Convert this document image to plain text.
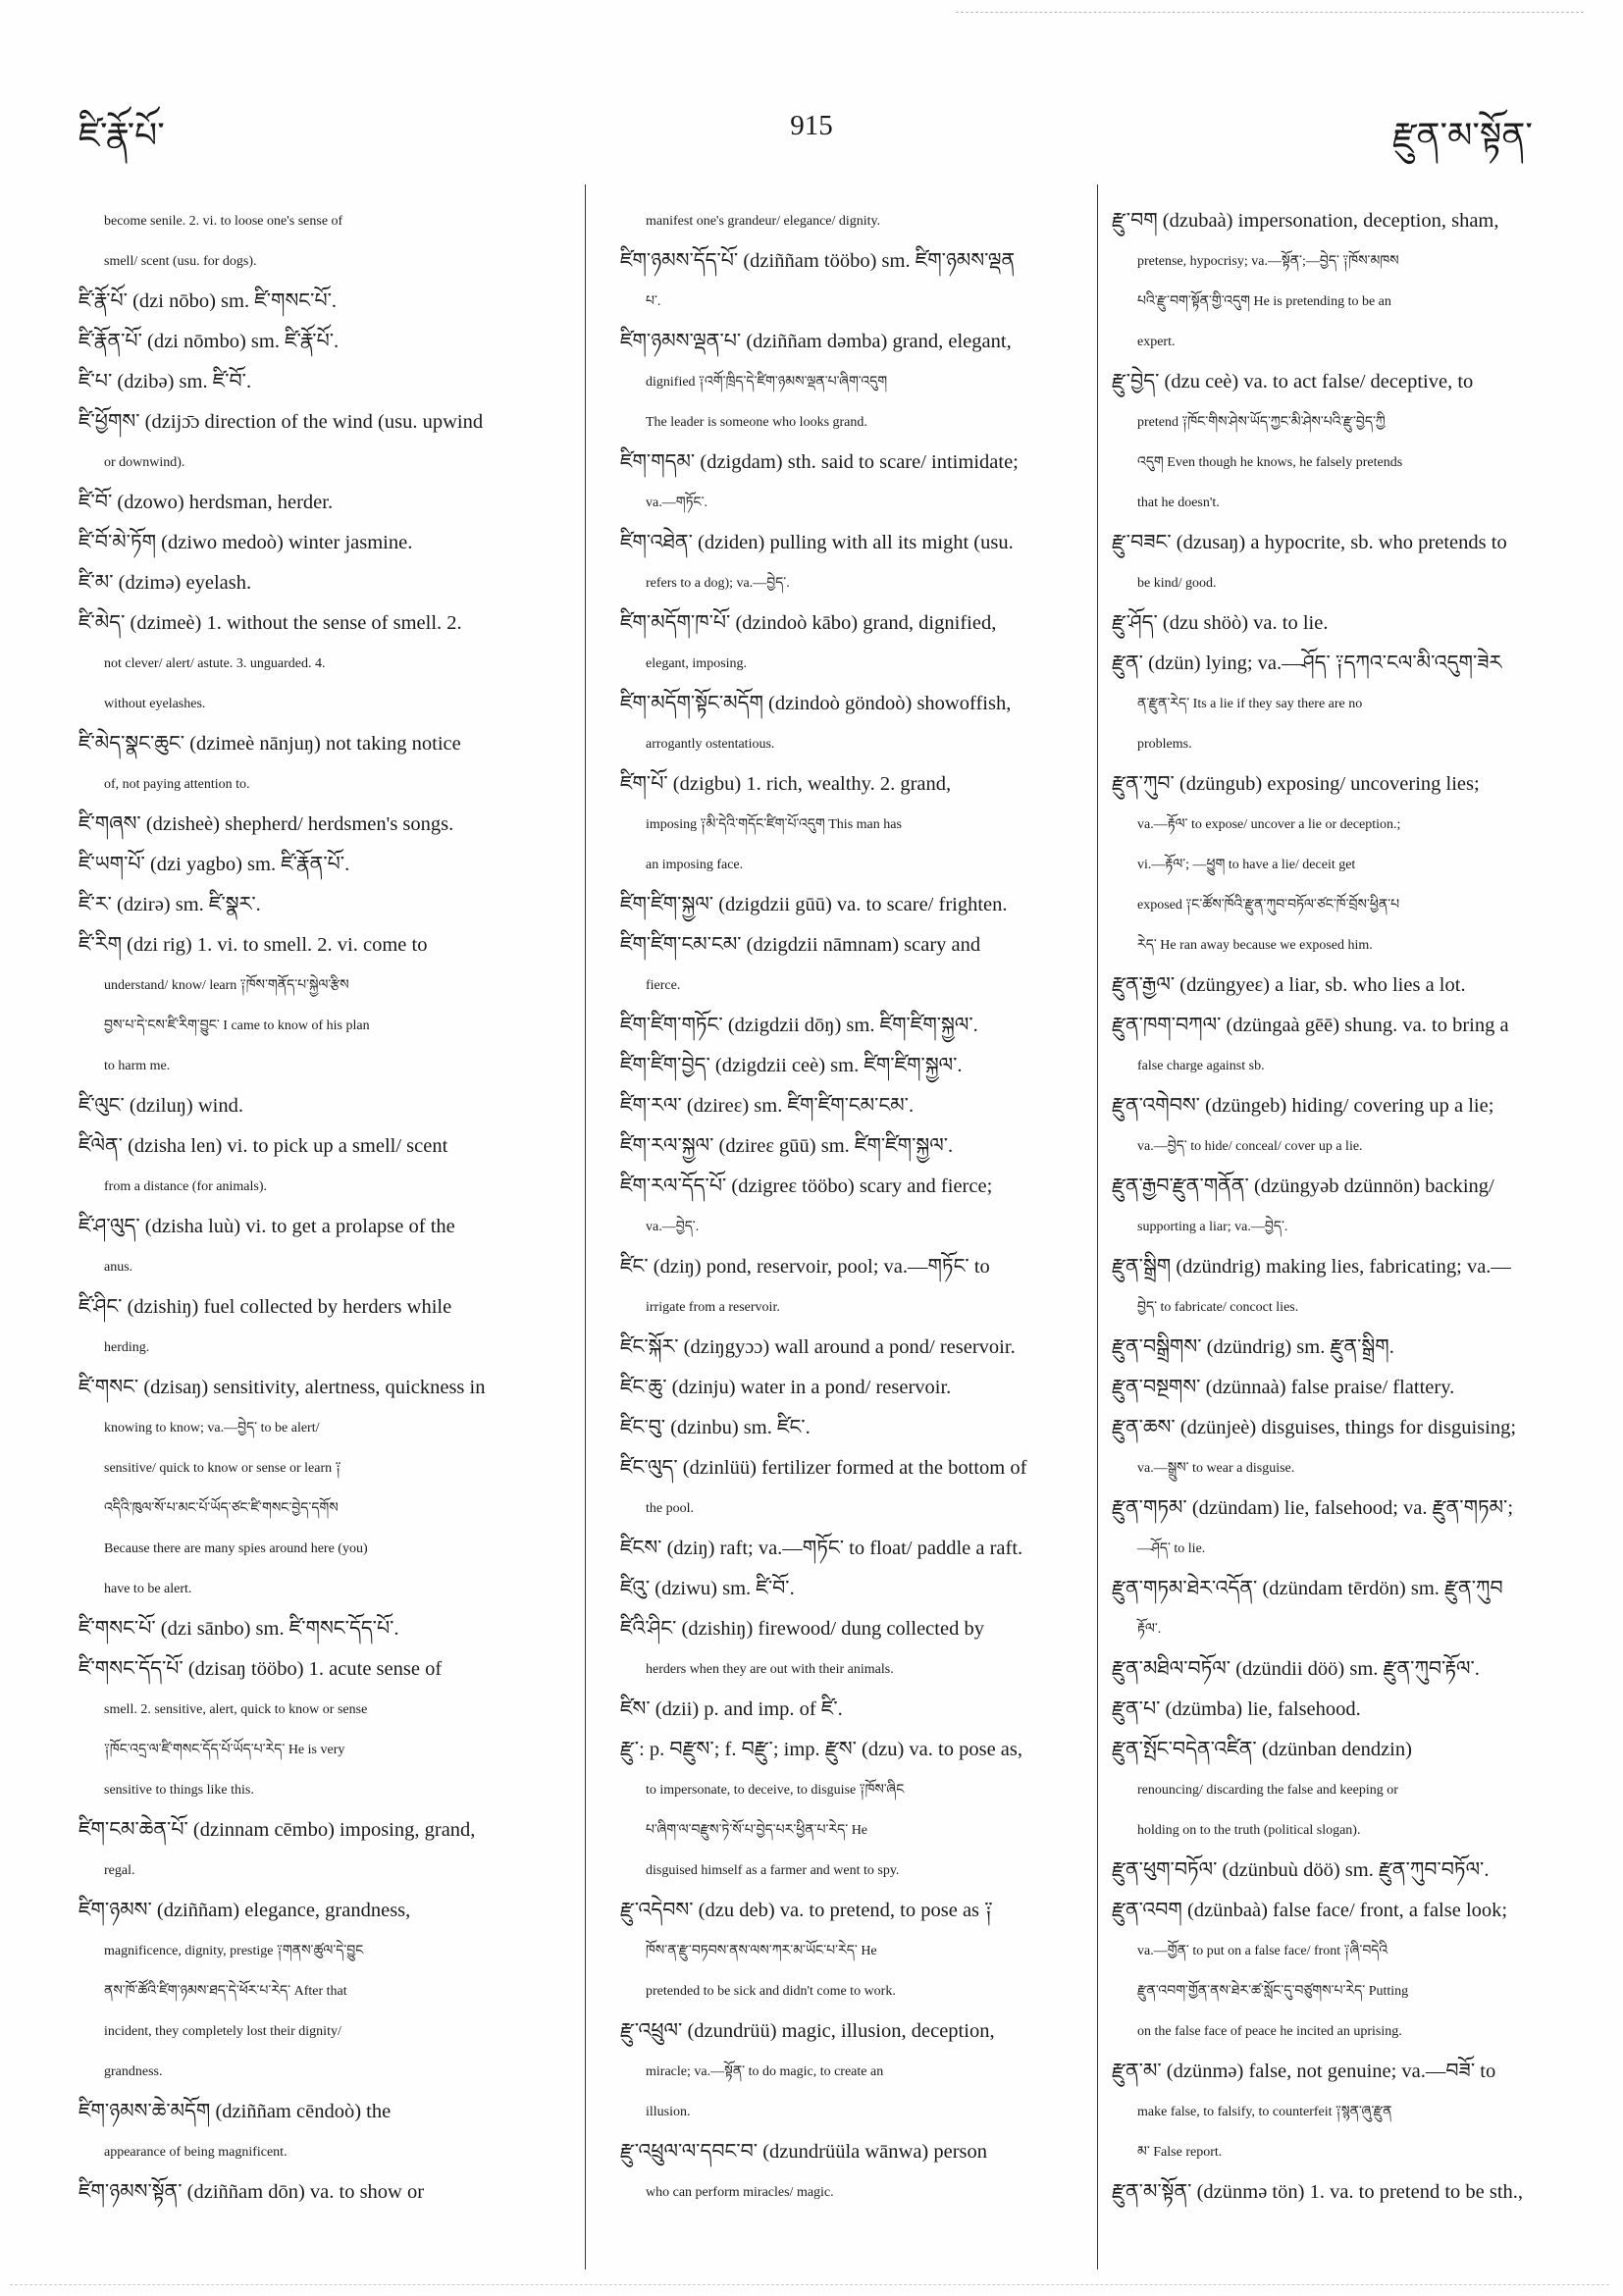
ཛི་རྣོ་པོ་	915	རྫུན་མ་སྟོན་
become senile. 2. vi. to loose one's sense of
smell/ scent (usu. for dogs).
ཛི་རྣོ་པོ་ (dzi nōbo) sm. ཛི་གསང་པོ་.
ཛི་རྣོན་པོ་ (dzi nōmbo) sm. ཛི་རྣོ་པོ་.
ཛི་པ་ (dzibə) sm. ཛི་བོ་.
ཛི་ཕྱོགས་ (dzijɔ̄ɔ direction of the wind (usu. upwind
or downwind).
ཛི་བོ་ (dzowo) herdsman, herder.
ཛི་བོ་མེ་ཏོག (dziwo medoò) winter jasmine.
ཛི་མ་ (dzimə) eyelash.
ཛི་མེད་ (dzimeè) 1. without the sense of smell. 2.
not clever/ alert/ astute. 3. unguarded. 4.
without eyelashes.
ཛི་མེད་སྣང་ཆུང་ (dzimeè nānjuŋ) not taking notice
of, not paying attention to.
ཛི་གཞས་ (dzisheè) shepherd/ herdsmen's songs.
ཛི་ཡག་པོ་ (dzi yagbo) sm. ཛི་རྣོན་པོ་.
ཛི་ར་ (dzirə) sm. ཛི་སྣར་.
ཛི་རིག (dzi rig) 1. vi. to smell. 2. vi. come to
understand/ know/ learn ༑ཁོས་གནོད་པ་སྐྱེལ་རྩིས
བྱས་པ་དེ་ངས་ཛི་རིག་བྱུང་ I came to know of his plan
to harm me.
ཛི་ལུང་ (dziluŋ) wind.
ཛིལེན་ (dzisha len) vi. to pick up a smell/ scent
from a distance (for animals).
ཛི་ཤ་ལུད་ (dzisha luù) vi. to get a prolapse of the
anus.
ཛི་ཤིང་ (dzishiŋ) fuel collected by herders while
herding.
ཛི་གསང་ (dzisaŋ) sensitivity, alertness, quickness in
knowing to know; va.—བྱེད་ to be alert/
sensitive/ quick to know or sense or learn ༑
འདིའི་ཁུལ་སོ་པ་མང་པོ་ཡོད་ཙང་ཛི་གསང་བྱེད་དགོས
Because there are many spies around here (you)
have to be alert.
ཛི་གསང་པོ་ (dzi sānbo) sm. ཛི་གསང་དོད་པོ་.
ཛི་གསང་དོད་པོ་ (dzisaŋ tööbo) 1. acute sense of
smell. 2. sensitive, alert, quick to know or sense
༑ཁོང་འདྲ་ལ་ཛི་གསང་དོད་པོ་ཡོད་པ་རེད་ He is very
sensitive to things like this.
ཛིག་ངམ་ཆེན་པོ་ (dzinnam cēmbo) imposing, grand,
regal.
ཛིག་ཉམས་ (dziññam) elegance, grandness,
magnificence, dignity, prestige ༑གནས་ཚུལ་དེ་བྱུང
ནས་ཁོ་ཚོའི་ཛིག་ཉམས་ཐད་དེ་ཕོར་པ་རེད་ After that
incident, they completely lost their dignity/
grandness.
ཛིག་ཉམས་ཆེ་མདོག (dziññam cēndoò) the
appearance of being magnificent.
ཛིག་ཉམས་སྟོན་ (dziññam dōn) va. to show or
manifest one's grandeur/ elegance/ dignity.
ཛིག་ཉམས་དོད་པོ་ (dziññam tööbo) sm. ཛིག་ཉམས་ལྡན
པ་.
ཛིག་ཉམས་ལྡན་པ་ (dziññam dəmba) grand, elegant,
dignified ༑འགོ་ཁྲིད་དེ་ཛིག་ཉམས་ལྡན་པ་ཞིག་འདུག
The leader is someone who looks grand.
ཛིག་གདམ་ (dzigdam) sth. said to scare/ intimidate;
va.—གཏོང་.
ཛིག་འཐེན་ (dziden) pulling with all its might (usu.
refers to a dog); va.—བྱེད་.
ཛིག་མདོག་ཁ་པོ་ (dzindoò kābo) grand, dignified,
elegant, imposing.
ཛིག་མདོག་སྟོང་མདོག (dzindoò göndoò) showoffish,
arrogantly ostentatious.
ཛིག་པོ་ (dzigbu) 1. rich, wealthy. 2. grand,
imposing ༑མི་དེའི་གདོང་ཛིག་པོ་འདུག This man has
an imposing face.
ཛིག་ཛིག་སྐྱལ་ (dzigdzii gūū) va. to scare/ frighten.
ཛིག་ཛིག་ངམ་ངམ་ (dzigdzii nāmnam) scary and
fierce.
ཛིག་ཛིག་གཏོང་ (dzigdzii dōŋ) sm. ཛིག་ཛིག་སྐྱལ་.
ཛིག་ཛིག་བྱེད་ (dzigdzii ceè) sm. ཛིག་ཛིག་སྐྱལ་.
ཛིག་རལ་ (dzireε) sm. ཛིག་ཛིག་ངམ་ངམ་.
ཛིག་རལ་སྐྱལ་ (dzireε gūū) sm. ཛིག་ཛིག་སྐྱལ་.
ཛིག་རལ་དོད་པོ་ (dzigreε tööbo) scary and fierce;
va.—བྱེད་.
ཛིང་ (dziŋ) pond, reservoir, pool; va.—གཏོང་ to
irrigate from a reservoir.
ཛིང་སྐོར་ (dziŋgyɔɔ) wall around a pond/ reservoir.
ཛིང་ཆུ་ (dzinju) water in a pond/ reservoir.
ཛིང་བུ་ (dzinbu) sm. ཛིང་.
ཛིང་ལུད་ (dzinlüü) fertilizer formed at the bottom of
the pool.
ཛིངས་ (dziŋ) raft; va.—གཏོང་ to float/ paddle a raft.
ཛིའུ་ (dziwu) sm. ཛི་བོ་.
ཛིའི་ཤིང་ (dzishiŋ) firewood/ dung collected by
herders when they are out with their animals.
ཛིས་ (dzii) p. and imp. of ཛི་.
རྫུ་: p. བརྫུས་; f. བརྫུ་; imp. རྫུས་ (dzu) va. to pose as,
to impersonate, to deceive, to disguise ༑ཁོས་ཞིང
པ་ཞིག་ལ་བརྫུས་ཏེ་སོ་པ་བྱེད་པར་ཕྱིན་པ་རེད་ He
disguised himself as a farmer and went to spy.
རྫུ་འདེབས་ (dzu deb) va. to pretend, to pose as ༑
ཁོས་ན་རྫུ་བཏབས་ནས་ལས་ཀར་མ་ཡོང་པ་རེད་ He
pretended to be sick and didn't come to work.
རྫུ་འཕྲུལ་ (dzundrüü) magic, illusion, deception,
miracle; va.—སྟོན་ to do magic, to create an
illusion.
རྫུ་འཕྲུལ་ལ་དབང་བ་ (dzundrüüla wānwa) person
who can perform miracles/ magic.
རྫུ་བག (dzubaà) impersonation, deception, sham,
pretense, hypocrisy; va.—སྟོན་;—བྱེད་ ༑ཁོས་མཁས
པའི་རྫུ་བག་སྟོན་གྱི་འདུག He is pretending to be an
expert.
རྫུ་བྱེད་ (dzu ceè) va. to act false/ deceptive, to
pretend ༑ཁོང་གིས་ཤེས་ཡོད་ཀྱང་མི་ཤེས་པའི་རྫུ་བྱེད་ཀྱི
འདུག Even though he knows, he falsely pretends
that he doesn't.
རྫུ་བཟང་ (dzusaŋ) a hypocrite, sb. who pretends to
be kind/ good.
རྫུ་ཤོད་ (dzu shöò) va. to lie.
རྫུན་ (dzün) lying; va.—ཤོད་ ༑དཀའ་ངལ་མི་འདུག་ཟེར
ན་རྫུན་རེད་ Its a lie if they say there are no
problems.
རྫུན་ཀུབ་ (dzüngub) exposing/ uncovering lies;
va.—རྟོལ་ to expose/ uncover a lie or deception.;
vi.—རྟོལ་; —ཕྱུག to have a lie/ deceit get
exposed ༑ང་ཚོས་ཁོའི་རྫུན་ཀུབ་བཏོལ་ཙང་ཁོ་བྲོས་ཕྱིན་པ
རེད་ He ran away because we exposed him.
རྫུན་རྒྱལ་ (dzüngyeε) a liar, sb. who lies a lot.
རྫུན་ཁག་བཀལ་ (dzüngaà gēē) shung. va. to bring a
false charge against sb.
རྫུན་འགེབས་ (dzüngeb) hiding/ covering up a lie;
va.—བྱེད་ to hide/ conceal/ cover up a lie.
རྫུན་རྒྱབ་རྫུན་གནོན་ (dzüngyəb dzünnön) backing/
supporting a liar; va.—བྱེད་.
རྫུན་སྒྲིག (dzündrig) making lies, fabricating; va.—
བྱེད་ to fabricate/ concoct lies.
རྫུན་བསྒྲིགས་ (dzündrig) sm. རྫུན་སྒྲིག.
རྫུན་བསྔགས་ (dzünnaà) false praise/ flattery.
རྫུན་ཆས་ (dzünjeè) disguises, things for disguising;
va.—སྒྲུས་ to wear a disguise.
རྫུན་གཏམ་ (dzündam) lie, falsehood; va. རྫུན་གཏམ་;
—ཤོད་ to lie.
རྫུན་གཏམ་ཐེར་འདོན་ (dzündam tērdön) sm. རྫུན་ཀུབ
རྟོལ་.
རྫུན་མཐིལ་བཏོལ་ (dzündii döö) sm. རྫུན་ཀུབ་རྟོལ་.
རྫུན་པ་ (dzümba) lie, falsehood.
རྫུན་སྤོང་བདེན་འཛིན་ (dzünban dendzin)
renouncing/ discarding the false and keeping or
holding on to the truth (political slogan).
རྫུན་ཕུག་བཏོལ་ (dzünbuù döö) sm. རྫུན་ཀུབ་བཏོལ་.
རྫུན་འབག (dzünbaà) false face/ front, a false look;
va.—གྱོན་ to put on a false face/ front ༑ཞི་བདེའི
རྫུན་འབག་གྱོན་ནས་ཐེར་ཚ་སློང་དུ་བཙུགས་པ་རེད་ Putting
on the false face of peace he incited an uprising.
རྫུན་མ་ (dzünmə) false, not genuine; va.—བཟོ་ to
make false, to falsify, to counterfeit ༑སྙན་ཞུ་རྫུན
མ་ False report.
རྫུན་མ་སྟོན་ (dzünmə tön) 1. va. to pretend to be sth.,
